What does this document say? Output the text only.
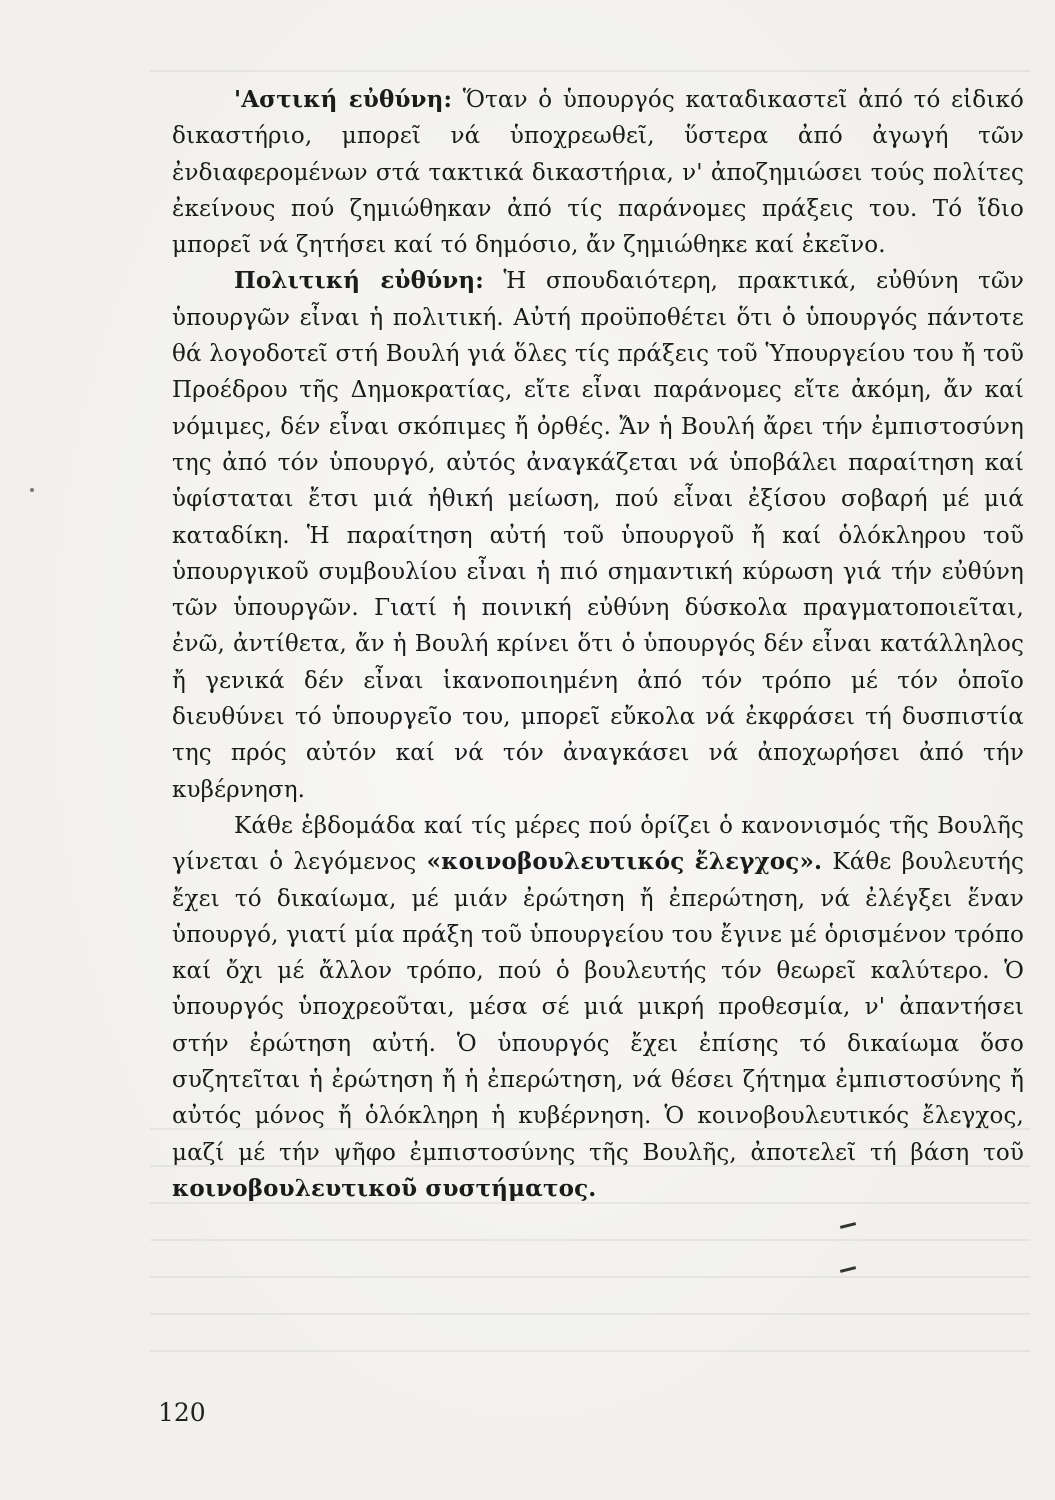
'Αστική εὐθύνη: Ὅταν ὁ ὑπουργός καταδικαστεῖ ἀπό τό εἰδικό δικαστήριο, μπορεῖ νά ὑποχρεωθεῖ, ὕστερα ἀπό ἀγωγή τῶν ἐνδιαφερομένων στά τακτικά δικαστήρια, ν' ἀποζημιώσει τούς πολίτες ἐκείνους πού ζημιώθηκαν ἀπό τίς παράνομες πράξεις του. Τό ἴδιο μπορεῖ νά ζητήσει καί τό δημόσιο, ἄν ζημιώθηκε καί ἐκεῖνο.

Πολιτική εὐθύνη: Ἡ σπουδαιότερη, πρακτικά, εὐθύνη τῶν ὑπουργῶν εἶναι ἡ πολιτική. Αὐτή προϋποθέτει ὅτι ὁ ὑπουργός πάντοτε θά λογοδοτεῖ στή Βουλή γιά ὅλες τίς πράξεις τοῦ Ὑπουργείου του ἤ τοῦ Προέδρου τῆς Δημοκρατίας, εἴτε εἶναι παράνομες εἴτε ἀκόμη, ἄν καί νόμιμες, δέν εἶναι σκόπιμες ἤ ὀρθές. Ἄν ἡ Βουλή ἄρει τήν ἐμπιστοσύνη της ἀπό τόν ὑπουργό, αὐτός ἀναγκάζεται νά ὑποβάλει παραίτηση καί ὑφίσταται ἔτσι μιά ἠθική μείωση, πού εἶναι ἐξίσου σοβαρή μέ μιά καταδίκη. Ἡ παραίτηση αὐτή τοῦ ὑπουργοῦ ἤ καί ὁλόκληρου τοῦ ὑπουργικοῦ συμβουλίου εἶναι ἡ πιό σημαντική κύρωση γιά τήν εὐθύνη τῶν ὑπουργῶν. Γιατί ἡ ποινική εὐθύνη δύσκολα πραγματοποιεῖται, ἐνῶ, ἀντίθετα, ἄν ἡ Βουλή κρίνει ὅτι ὁ ὑπουργός δέν εἶναι κατάλληλος ἤ γενικά δέν εἶναι ἱκανοποιημένη ἀπό τόν τρόπο μέ τόν ὁποῖο διευθύνει τό ὑπουργεῖο του, μπορεῖ εὔκολα νά ἐκφράσει τή δυσπιστία της πρός αὐτόν καί νά τόν ἀναγκάσει νά ἀποχωρήσει ἀπό τήν κυβέρνηση.

Κάθε ἑβδομάδα καί τίς μέρες πού ὁρίζει ὁ κανονισμός τῆς Βουλῆς γίνεται ὁ λεγόμενος «κοινοβουλευτικός ἔλεγχος». Κάθε βουλευτής ἔχει τό δικαίωμα, μέ μιάν ἐρώτηση ἤ ἐπερώτηση, νά ἐλέγξει ἕναν ὑπουργό, γιατί μία πράξη τοῦ ὑπουργείου του ἔγινε μέ ὁρισμένον τρόπο καί ὄχι μέ ἄλλον τρόπο, πού ὁ βουλευτής τόν θεωρεῖ καλύτερο. Ὁ ὑπουργός ὑποχρεοῦται, μέσα σέ μιά μικρή προθεσμία, ν' ἀπαντήσει στήν ἐρώτηση αὐτή. Ὁ ὑπουργός ἔχει ἐπίσης τό δικαίωμα ὅσο συζητεῖται ἡ ἐρώτηση ἤ ἡ ἐπερώτηση, νά θέσει ζήτημα ἐμπιστοσύνης ἤ αὐτός μόνος ἤ ὁλόκληρη ἡ κυβέρνηση. Ὁ κοινοβουλευτικός ἔλεγχος, μαζί μέ τήν ψῆφο ἐμπιστοσύνης τῆς Βουλῆς, ἀποτελεῖ τή βάση τοῦ κοινοβουλευτικοῦ συστήματος.

120
